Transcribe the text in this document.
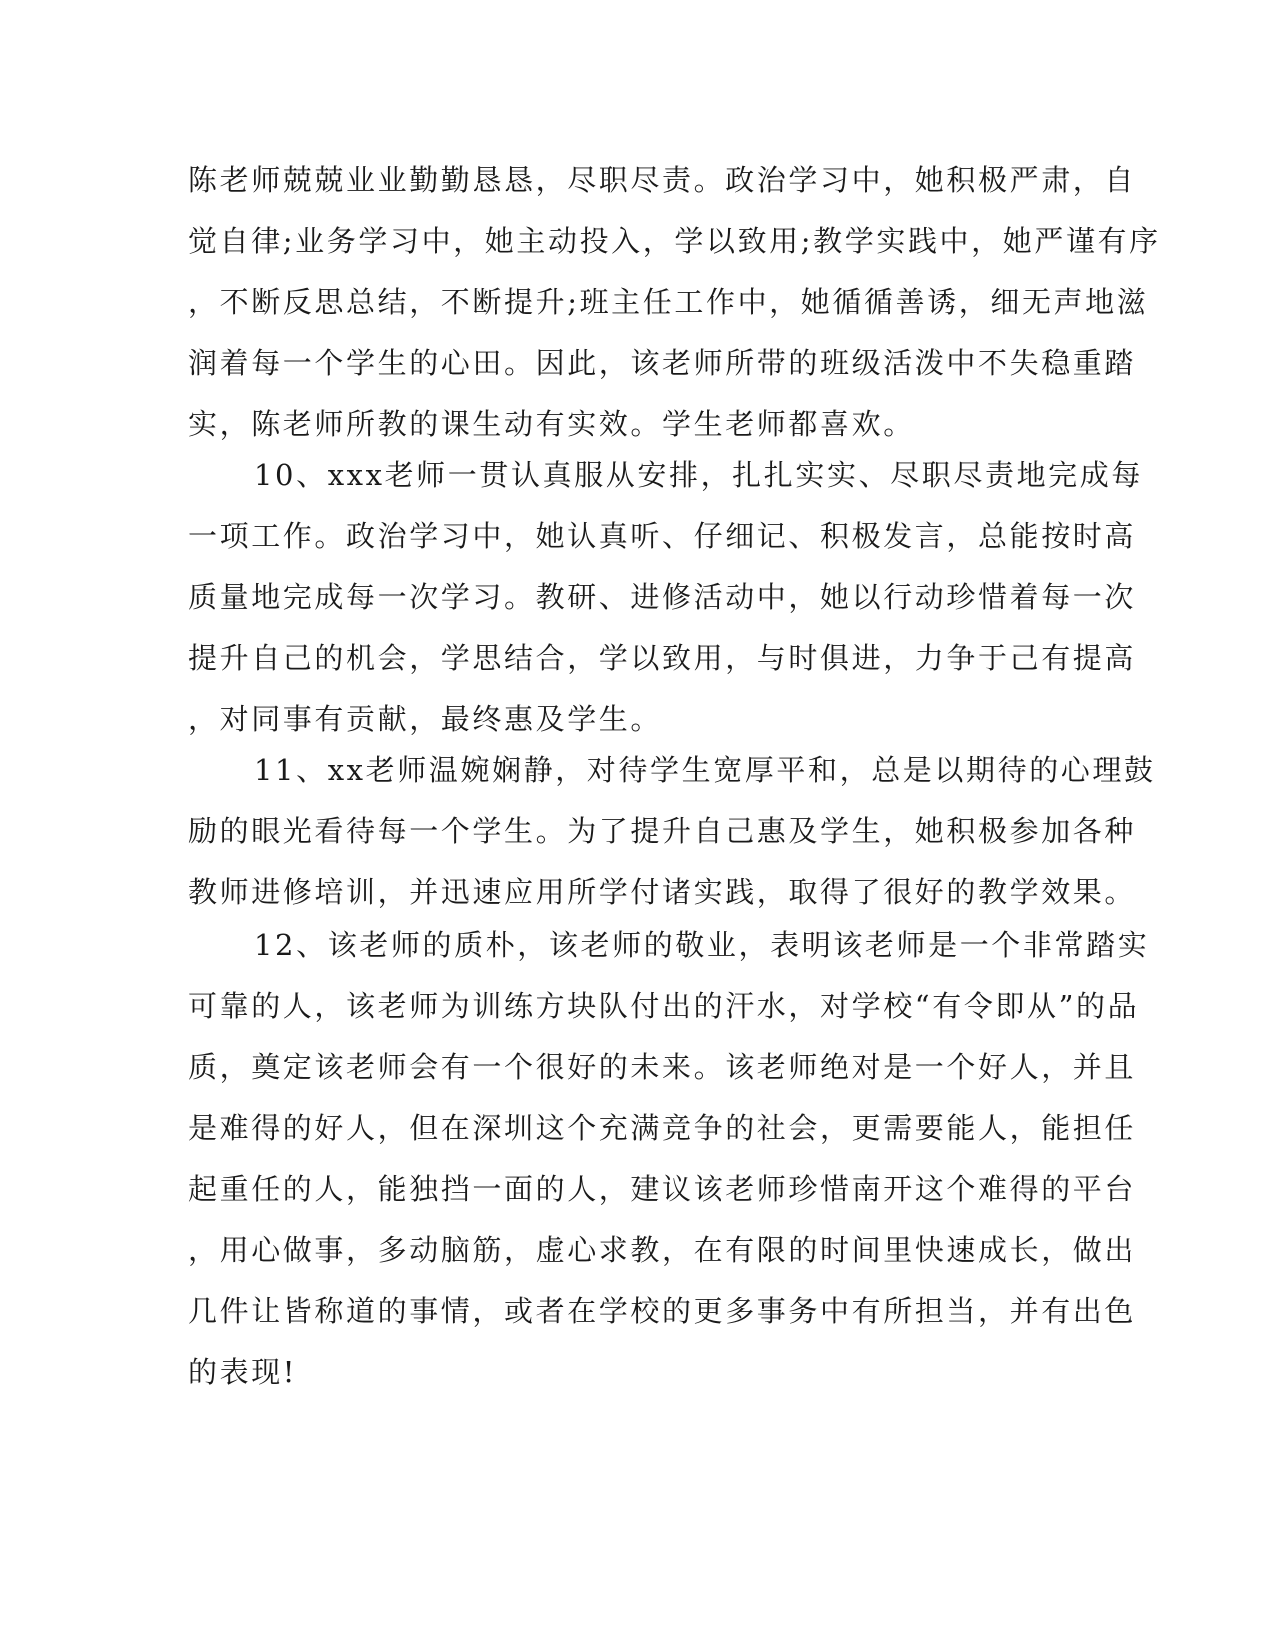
陈老师兢兢业业勤勤恳恳，尽职尽责。政治学习中，她积极严肃，自
觉自律;业务学习中，她主动投入，学以致用;教学实践中，她严谨有序
，不断反思总结，不断提升;班主任工作中，她循循善诱，细无声地滋
润着每一个学生的心田。因此，该老师所带的班级活泼中不失稳重踏
实，陈老师所教的课生动有实效。学生老师都喜欢。
10、xxx老师一贯认真服从安排，扎扎实实、尽职尽责地完成每
一项工作。政治学习中，她认真听、仔细记、积极发言，总能按时高
质量地完成每一次学习。教研、进修活动中，她以行动珍惜着每一次
提升自己的机会，学思结合，学以致用，与时俱进，力争于己有提高
，对同事有贡献，最终惠及学生。
11、xx老师温婉娴静，对待学生宽厚平和，总是以期待的心理鼓
励的眼光看待每一个学生。为了提升自己惠及学生，她积极参加各种
教师进修培训，并迅速应用所学付诸实践，取得了很好的教学效果。
12、该老师的质朴，该老师的敬业，表明该老师是一个非常踏实
可靠的人，该老师为训练方块队付出的汗水，对学校“有令即从”的品
质，奠定该老师会有一个很好的未来。该老师绝对是一个好人，并且
是难得的好人，但在深圳这个充满竞争的社会，更需要能人，能担任
起重任的人，能独挡一面的人，建议该老师珍惜南开这个难得的平台
，用心做事，多动脑筋，虚心求教，在有限的时间里快速成长，做出
几件让皆称道的事情，或者在学校的更多事务中有所担当，并有出色
的表现!
